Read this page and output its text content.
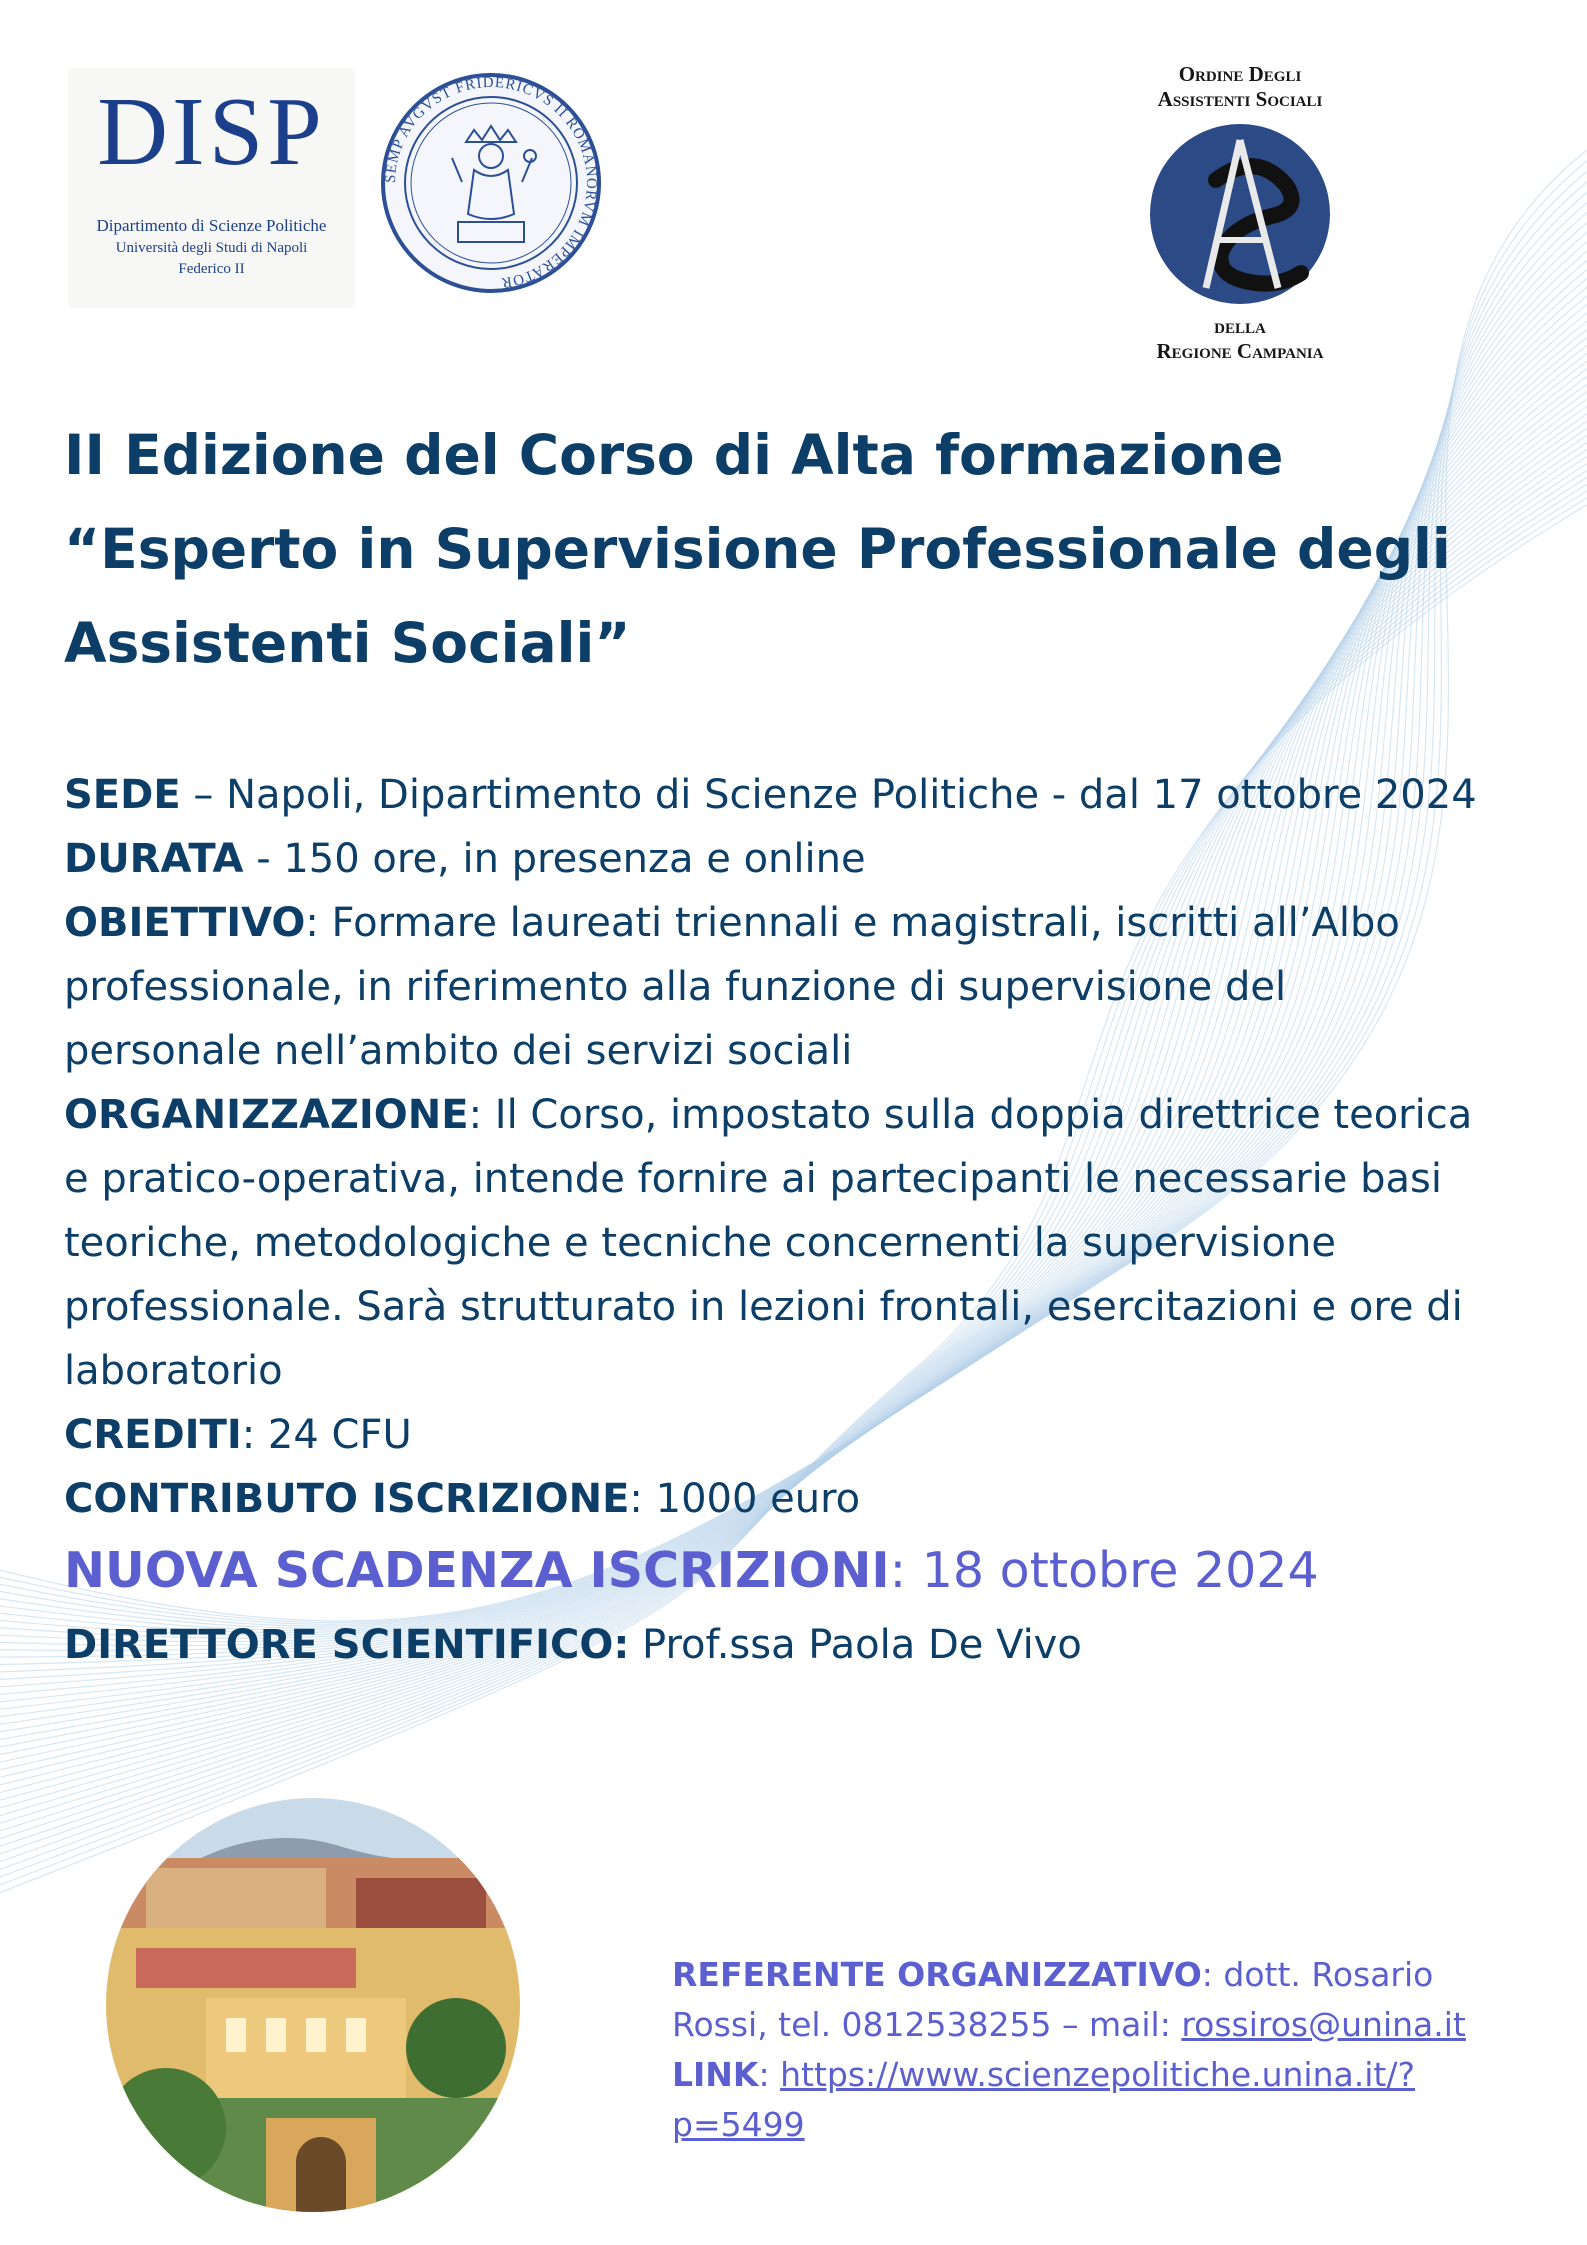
DISP
Dipartimento di Scienze Politiche
Università degli Studi di Napoli
Federico II
SEMP AVGVST FRIDERICVS II ROMANORVM IMPERATOR
Ordine Degli
Assistenti Sociali
della
Regione Campania
II Edizione del Corso di Alta formazione
“Esperto in Supervisione Professionale degli
Assistenti Sociali”

SEDE – Napoli, Dipartimento di Scienze Politiche - dal 17 ottobre 2024

DURATA - 150 ore, in presenza e online

OBIETTIVO: Formare laureati triennali e magistrali, iscritti all’Albo professionale, in riferimento alla funzione di supervisione del personale nell’ambito dei servizi sociali

ORGANIZZAZIONE: Il Corso, impostato sulla doppia direttrice teorica e pratico-operativa, intende fornire ai partecipanti le necessarie basi teoriche, metodologiche e tecniche concernenti la supervisione professionale. Sarà strutturato in lezioni frontali, esercitazioni e ore di laboratorio

CREDITI: 24 CFU

CONTRIBUTO ISCRIZIONE: 1000 euro

NUOVA SCADENZA ISCRIZIONI: 18 ottobre 2024

DIRETTORE SCIENTIFICO: Prof.ssa Paola De Vivo

REFERENTE ORGANIZZATIVO: dott. Rosario Rossi, tel. 0812538255 – mail: rossiros@unina.it

LINK: https://www.scienzepolitiche.unina.it/?p=5499
